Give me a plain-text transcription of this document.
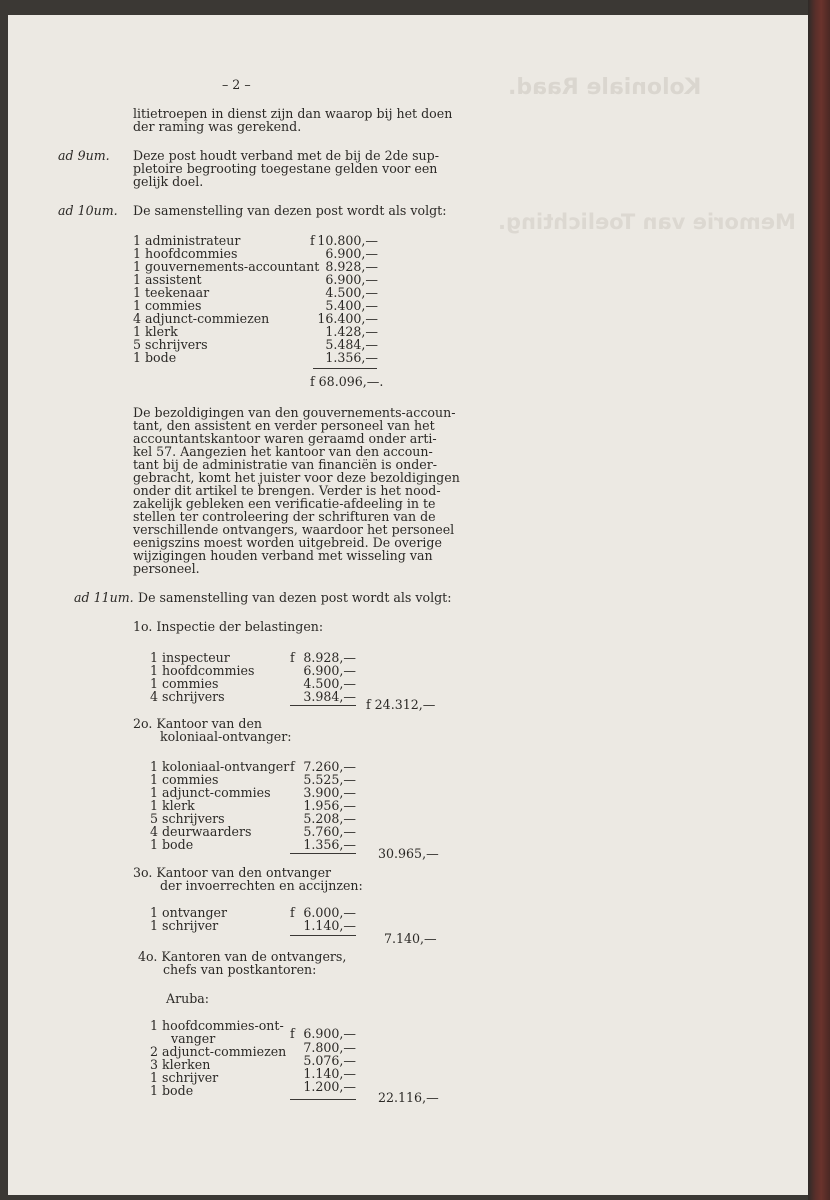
Koloniale Raad.
Memorie van Toelichting.
– 2 –
litietroepen in dienst zijn dan waarop bij het doen
der raming was gerekend.
ad 9um. Deze post houdt verband met de bij de 2de sup-
pletoire begrooting toegestane gelden voor een
gelijk doel.
ad 10um. De samenstelling van dezen post wordt als volgt:
1 administrateur	f 10.800,—
1 hoofdcommies	6.900,—
1 gouvernements-accountant 8.928,—
1 assistent	6.900,—
1 teekenaar	4.500,—
1 commies	5.400,—
4 adjunct-commiezen	16.400,—
1 klerk	1.428,—
5 schrijvers	5.484,—
1 bode	1.356,—
f 68.096,—.
De bezoldigingen van den gouvernements-accoun-
tant, den assistent en verder personeel van het
accountantskantoor waren geraamd onder arti-
kel 57. Aangezien het kantoor van den accoun-
tant bij de administratie van financiën is onder-
gebracht, komt het juister voor deze bezoldigingen
onder dit artikel te brengen. Verder is het nood-
zakelijk gebleken een verificatie-afdeeling in te
stellen ter controleering der schrifturen van de
verschillende ontvangers, waardoor het personeel
eenigszins moest worden uitgebreid. De overige
wijzigingen houden verband met wisseling van
personeel.
ad 11um. De samenstelling van dezen post wordt als volgt:
1o. Inspectie der belastingen:
1 inspecteur	f 8.928,—
1 hoofdcommies	6.900,—
1 commies	4.500,—
4 schrijvers	3.984,—
f 24.312,—
2o. Kantoor van den
koloniaal-ontvanger:
1 koloniaal-ontvanger f 7.260,—
1 commies	5.525,—
1 adjunct-commies	3.900,—
1 klerk	1.956,—
5 schrijvers	5.208,—
4 deurwaarders	5.760,—
1 bode	1.356,—
30.965,—
3o. Kantoor van den ontvanger
der invoerrechten en accijnzen:
1 ontvanger	f 6.000,—
1 schrijver	1.140,—
7.140,—
4o. Kantoren van de ontvangers,
chefs van postkantoren:
Aruba:
1 hoofdcommies-ont-
vanger	f 6.900,—
2 adjunct-commiezen	7.800,—
3 klerken	5.076,—
1 schrijver	1.140,—
1 bode	1.200,—
22.116,—
